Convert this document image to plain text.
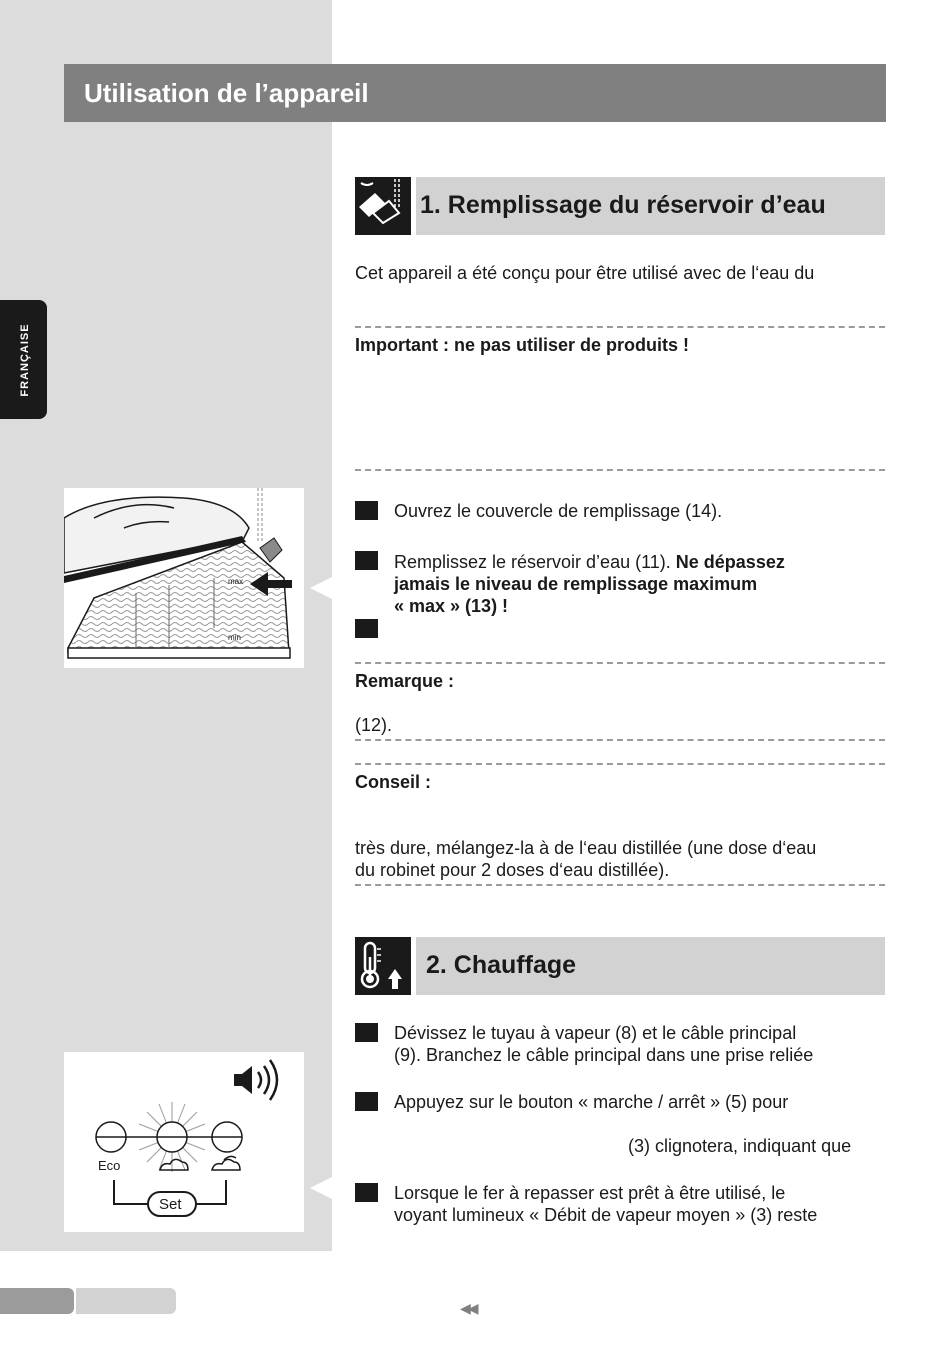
Utilisation de l’appareil
FRANÇAISE
1. Remplissage du réservoir d’eau
Cet appareil a été conçu pour être utilisé avec de l‘eau du
Important : ne pas utiliser de produits !
Ouvrez le couvercle de remplissage (14).
Remplissez le réservoir d’eau (11). Ne dépassez
jamais le niveau de remplissage maximum
« max » (13) !
Remarque :
(12).
Conseil :
très dure, mélangez-la à de l‘eau distillée (une dose d‘eau
du robinet pour 2 doses d‘eau distillée).
max
min
2. Chauffage
Dévissez le tuyau à vapeur (8) et le câble principal
(9). Branchez le câble principal dans une prise reliée
Appuyez sur le bouton « marche / arrêt » (5) pour
(3) clignotera, indiquant que
Lorsque le fer à repasser est prêt à être utilisé, le
voyant lumineux « Débit de vapeur moyen » (3) reste
Eco
Set
◀◀
